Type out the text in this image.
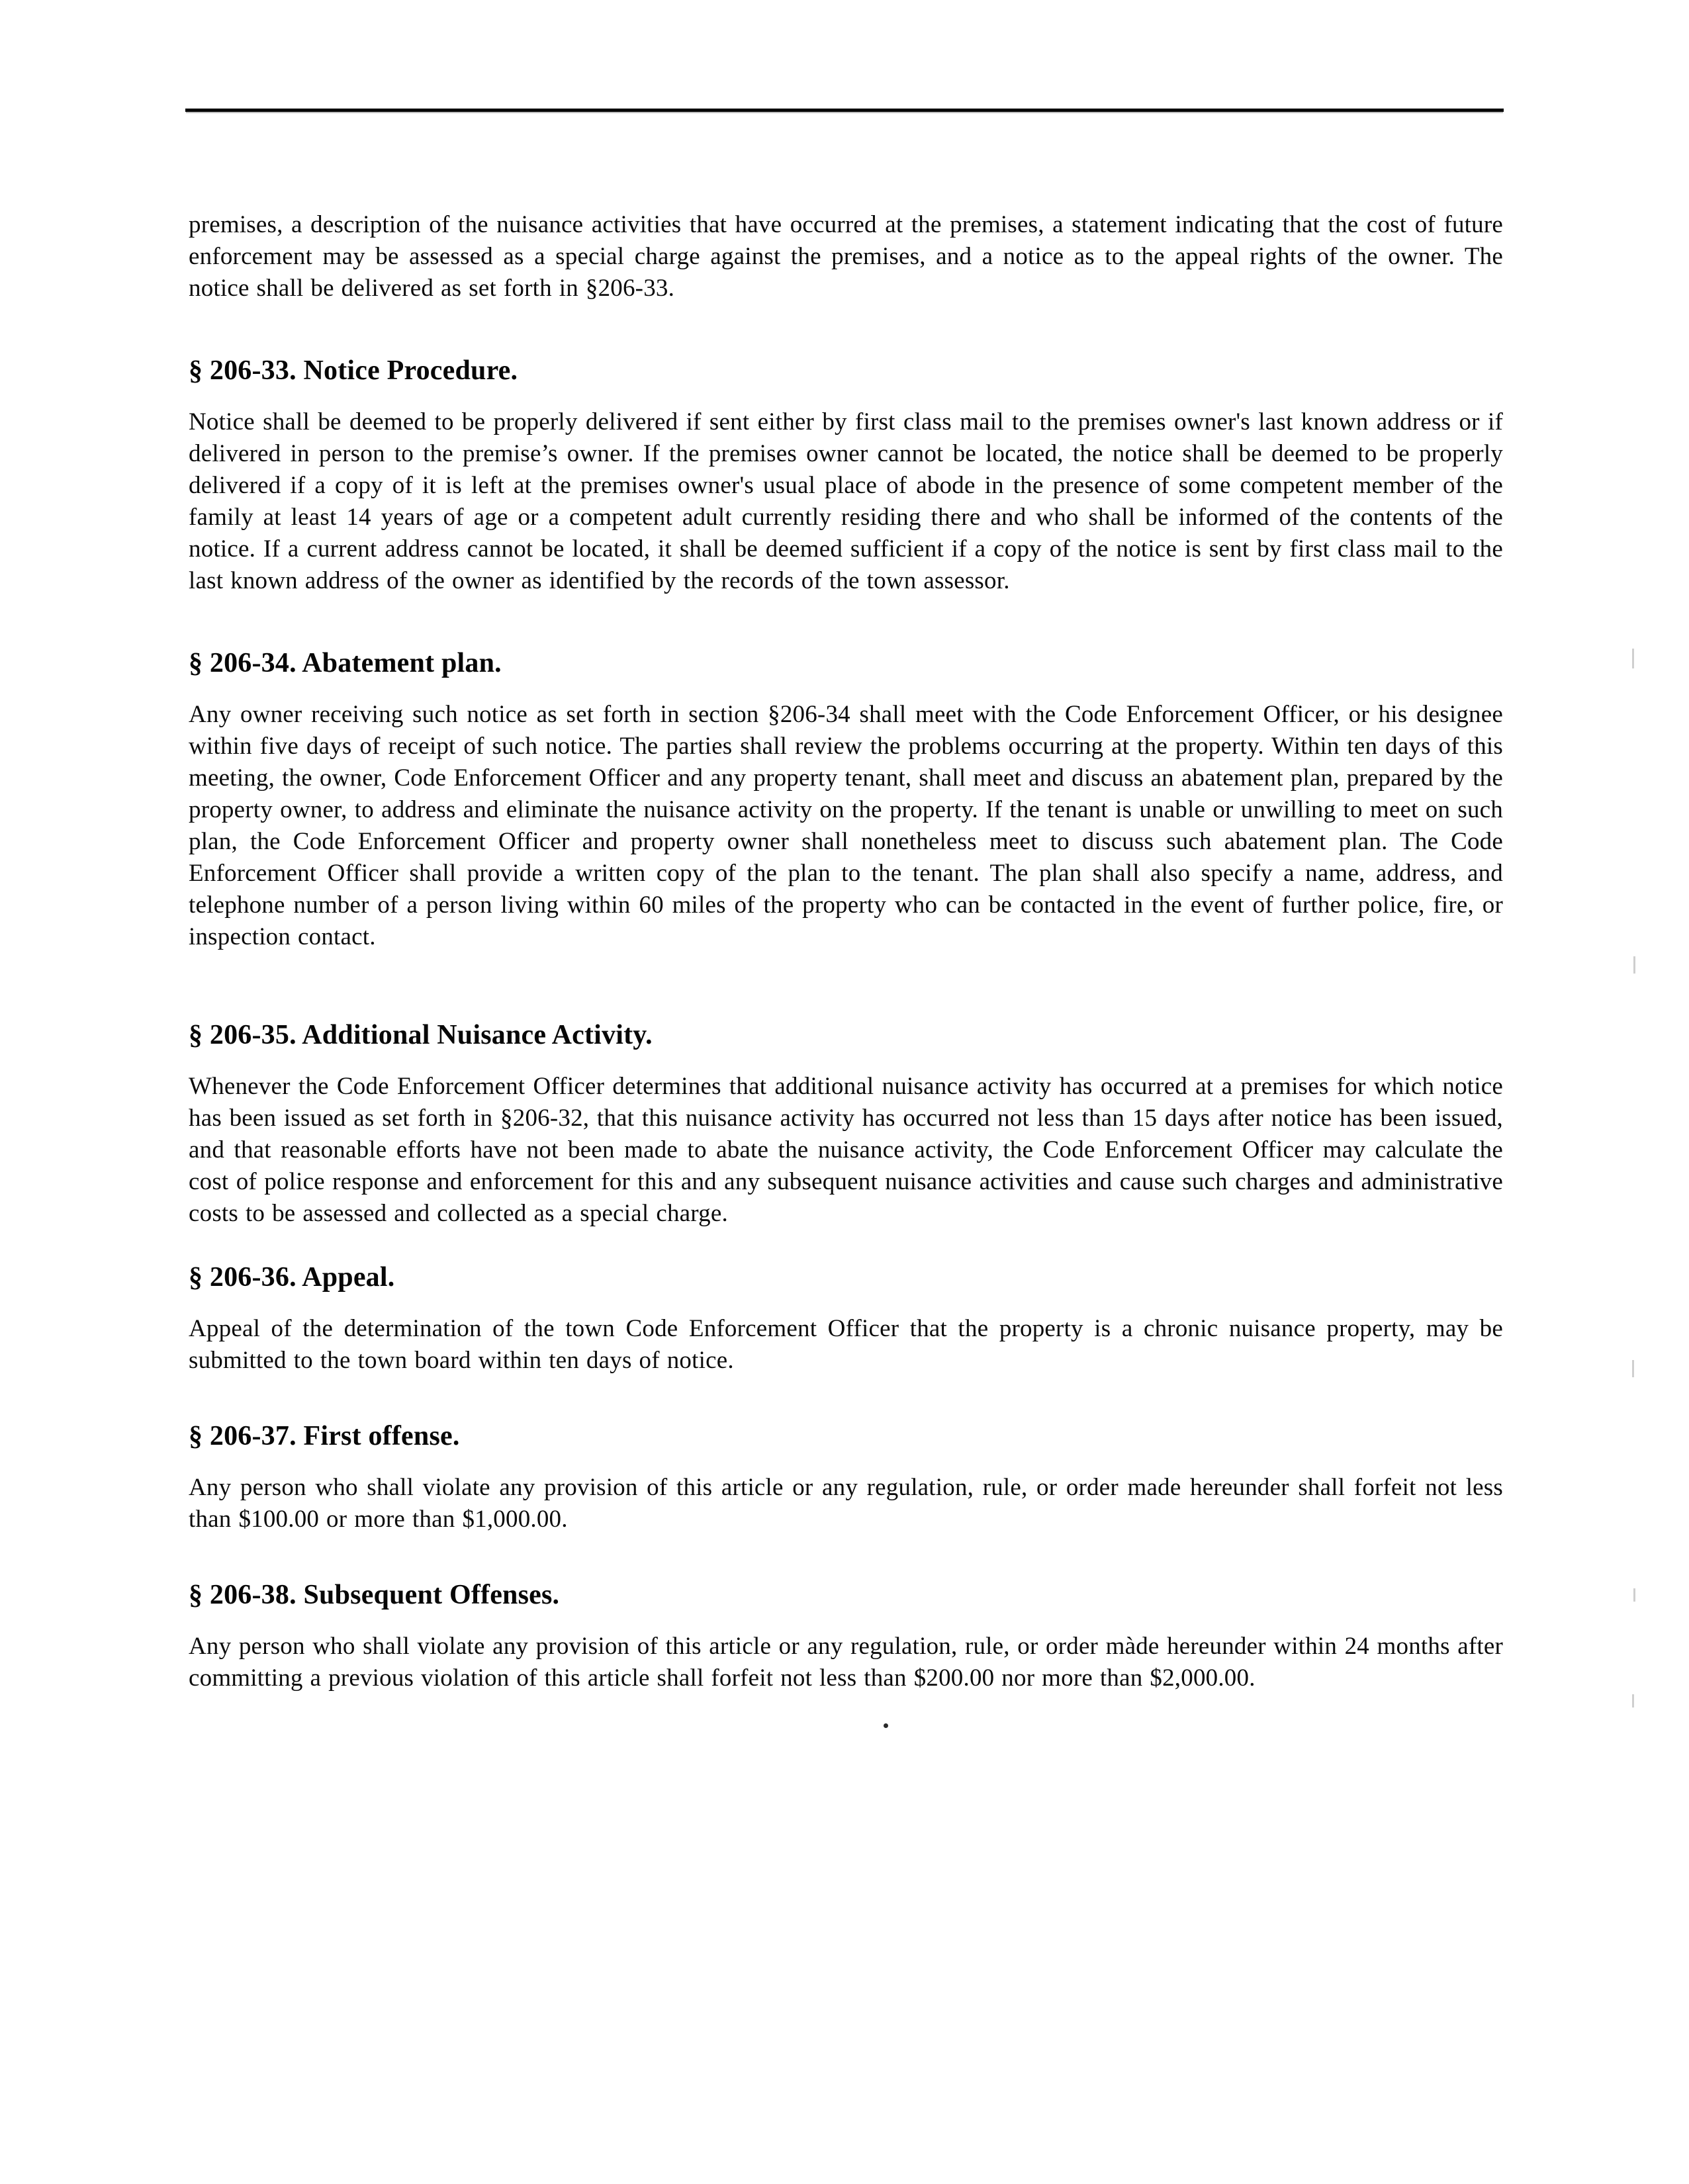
premises, a description of the nuisance activities that have occurred at the premises, a statement indicating that the cost of future enforcement may be assessed as a special charge against the premises, and a notice as to the appeal rights of the owner. The notice shall be delivered as set forth in §206-33.

§ 206-33. Notice Procedure.

Notice shall be deemed to be properly delivered if sent either by first class mail to the premises owner's last known address or if delivered in person to the premise’s owner. If the premises owner cannot be located, the notice shall be deemed to be properly delivered if a copy of it is left at the premises owner's usual place of abode in the presence of some competent member of the family at least 14 years of age or a competent adult currently residing there and who shall be informed of the contents of the notice. If a current address cannot be located, it shall be deemed sufficient if a copy of the notice is sent by first class mail to the last known address of the owner as identified by the records of the town assessor.

§ 206-34. Abatement plan.

Any owner receiving such notice as set forth in section §206-34 shall meet with the Code Enforcement Officer, or his designee within five days of receipt of such notice. The parties shall review the problems occurring at the property. Within ten days of this meeting, the owner, Code Enforcement Officer and any property tenant, shall meet and discuss an abatement plan, prepared by the property owner, to address and eliminate the nuisance activity on the property. If the tenant is unable or unwilling to meet on such plan, the Code Enforcement Officer and property owner shall nonetheless meet to discuss such abatement plan. The Code Enforcement Officer shall provide a written copy of the plan to the tenant. The plan shall also specify a name, address, and telephone number of a person living within 60 miles of the property who can be contacted in the event of further police, fire, or inspection contact.

§ 206-35. Additional Nuisance Activity.

Whenever the Code Enforcement Officer determines that additional nuisance activity has occurred at a premises for which notice has been issued as set forth in §206-32, that this nuisance activity has occurred not less than 15 days after notice has been issued, and that reasonable efforts have not been made to abate the nuisance activity, the Code Enforcement Officer may calculate the cost of police response and enforcement for this and any subsequent nuisance activities and cause such charges and administrative costs to be assessed and collected as a special charge.

§ 206-36. Appeal.

Appeal of the determination of the town Code Enforcement Officer that the property is a chronic nuisance property, may be submitted to the town board within ten days of notice.

§ 206-37. First offense.

Any person who shall violate any provision of this article or any regulation, rule, or order made hereunder shall forfeit not less than $100.00 or more than $1,000.00.

§ 206-38. Subsequent Offenses.

Any person who shall violate any provision of this article or any regulation, rule, or order màde hereunder within 24 months after committing a previous violation of this article shall forfeit not less than $200.00 nor more than $2,000.00.
